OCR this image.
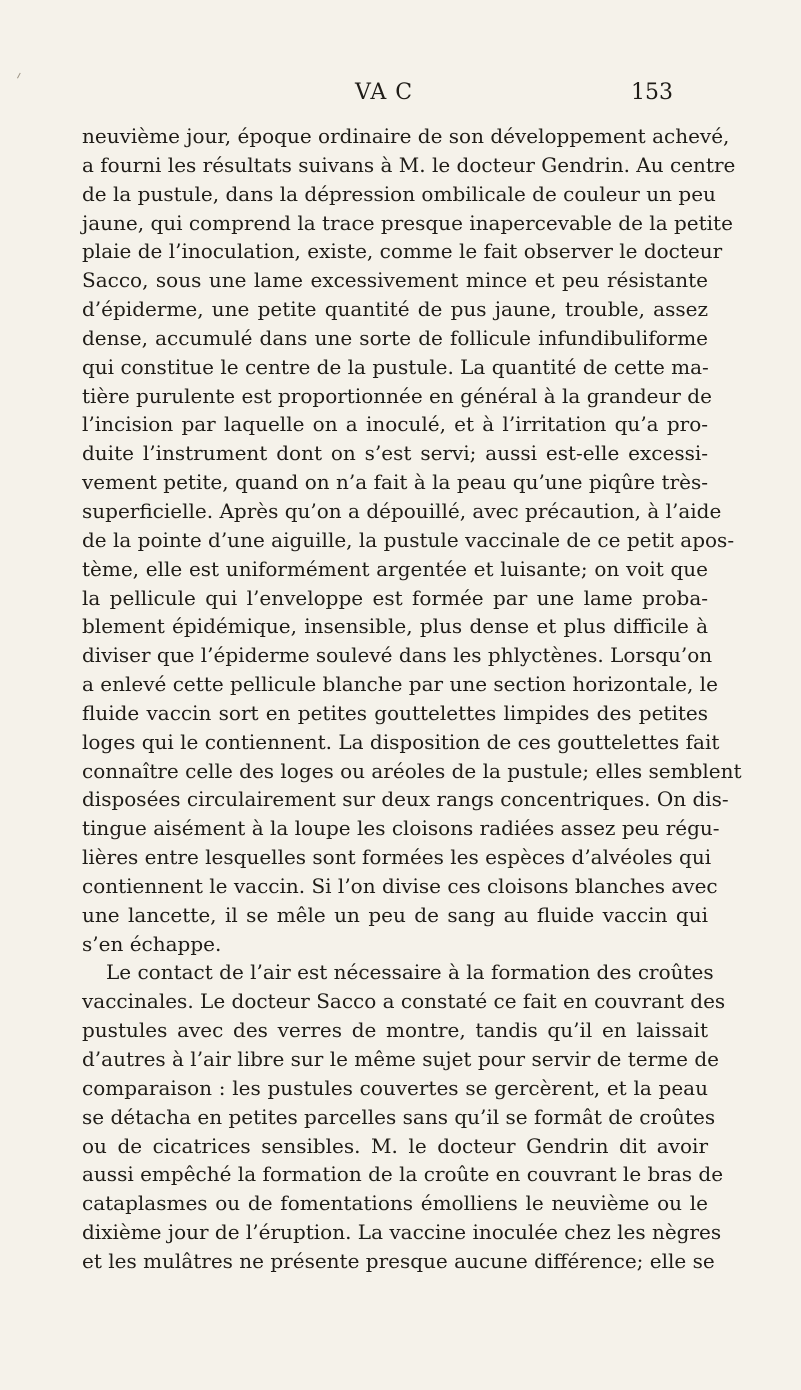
VA C	153
neuvième jour, époque ordinaire de son développement achevé,
a fourni les résultats suivans à M. le docteur Gendrin. Au centre
de la pustule, dans la dépression ombilicale de couleur un peu
jaune, qui comprend la trace presque inapercevable de la petite
plaie de l’inoculation, existe, comme le fait observer le docteur
Sacco, sous une lame excessivement mince et peu résistante
d’épiderme, une petite quantité de pus jaune, trouble, assez
dense, accumulé dans une sorte de follicule infundibuliforme
qui constitue le centre de la pustule. La quantité de cette ma-
tière purulente est proportionnée en général à la grandeur de
l’incision par laquelle on a inoculé, et à l’irritation qu’a pro-
duite l’instrument dont on s’est servi; aussi est-elle excessi-
vement petite, quand on n’a fait à la peau qu’une piqûre très-
superficielle. Après qu’on a dépouillé, avec précaution, à l’aide
de la pointe d’une aiguille, la pustule vaccinale de ce petit apos-
tème, elle est uniformément argentée et luisante; on voit que
la pellicule qui l’enveloppe est formée par une lame proba-
blement épidémique, insensible, plus dense et plus difficile à
diviser que l’épiderme soulevé dans les phlyctènes. Lorsqu’on
a enlevé cette pellicule blanche par une section horizontale, le
fluide vaccin sort en petites gouttelettes limpides des petites
loges qui le contiennent. La disposition de ces gouttelettes fait
connaître celle des loges ou aréoles de la pustule; elles semblent
disposées circulairement sur deux rangs concentriques. On dis-
tingue aisément à la loupe les cloisons radiées assez peu régu-
lières entre lesquelles sont formées les espèces d’alvéoles qui
contiennent le vaccin. Si l’on divise ces cloisons blanches avec
une lancette, il se mêle un peu de sang au fluide vaccin qui
s’en échappe.
Le contact de l’air est nécessaire à la formation des croûtes
vaccinales. Le docteur Sacco a constaté ce fait en couvrant des
pustules avec des verres de montre, tandis qu’il en laissait
d’autres à l’air libre sur le même sujet pour servir de terme de
comparaison : les pustules couvertes se gercèrent, et la peau
se détacha en petites parcelles sans qu’il se formât de croûtes
ou de cicatrices sensibles. M. le docteur Gendrin dit avoir
aussi empêché la formation de la croûte en couvrant le bras de
cataplasmes ou de fomentations émolliens le neuvième ou le
dixième jour de l’éruption. La vaccine inoculée chez les nègres
et les mulâtres ne présente presque aucune différence; elle se
